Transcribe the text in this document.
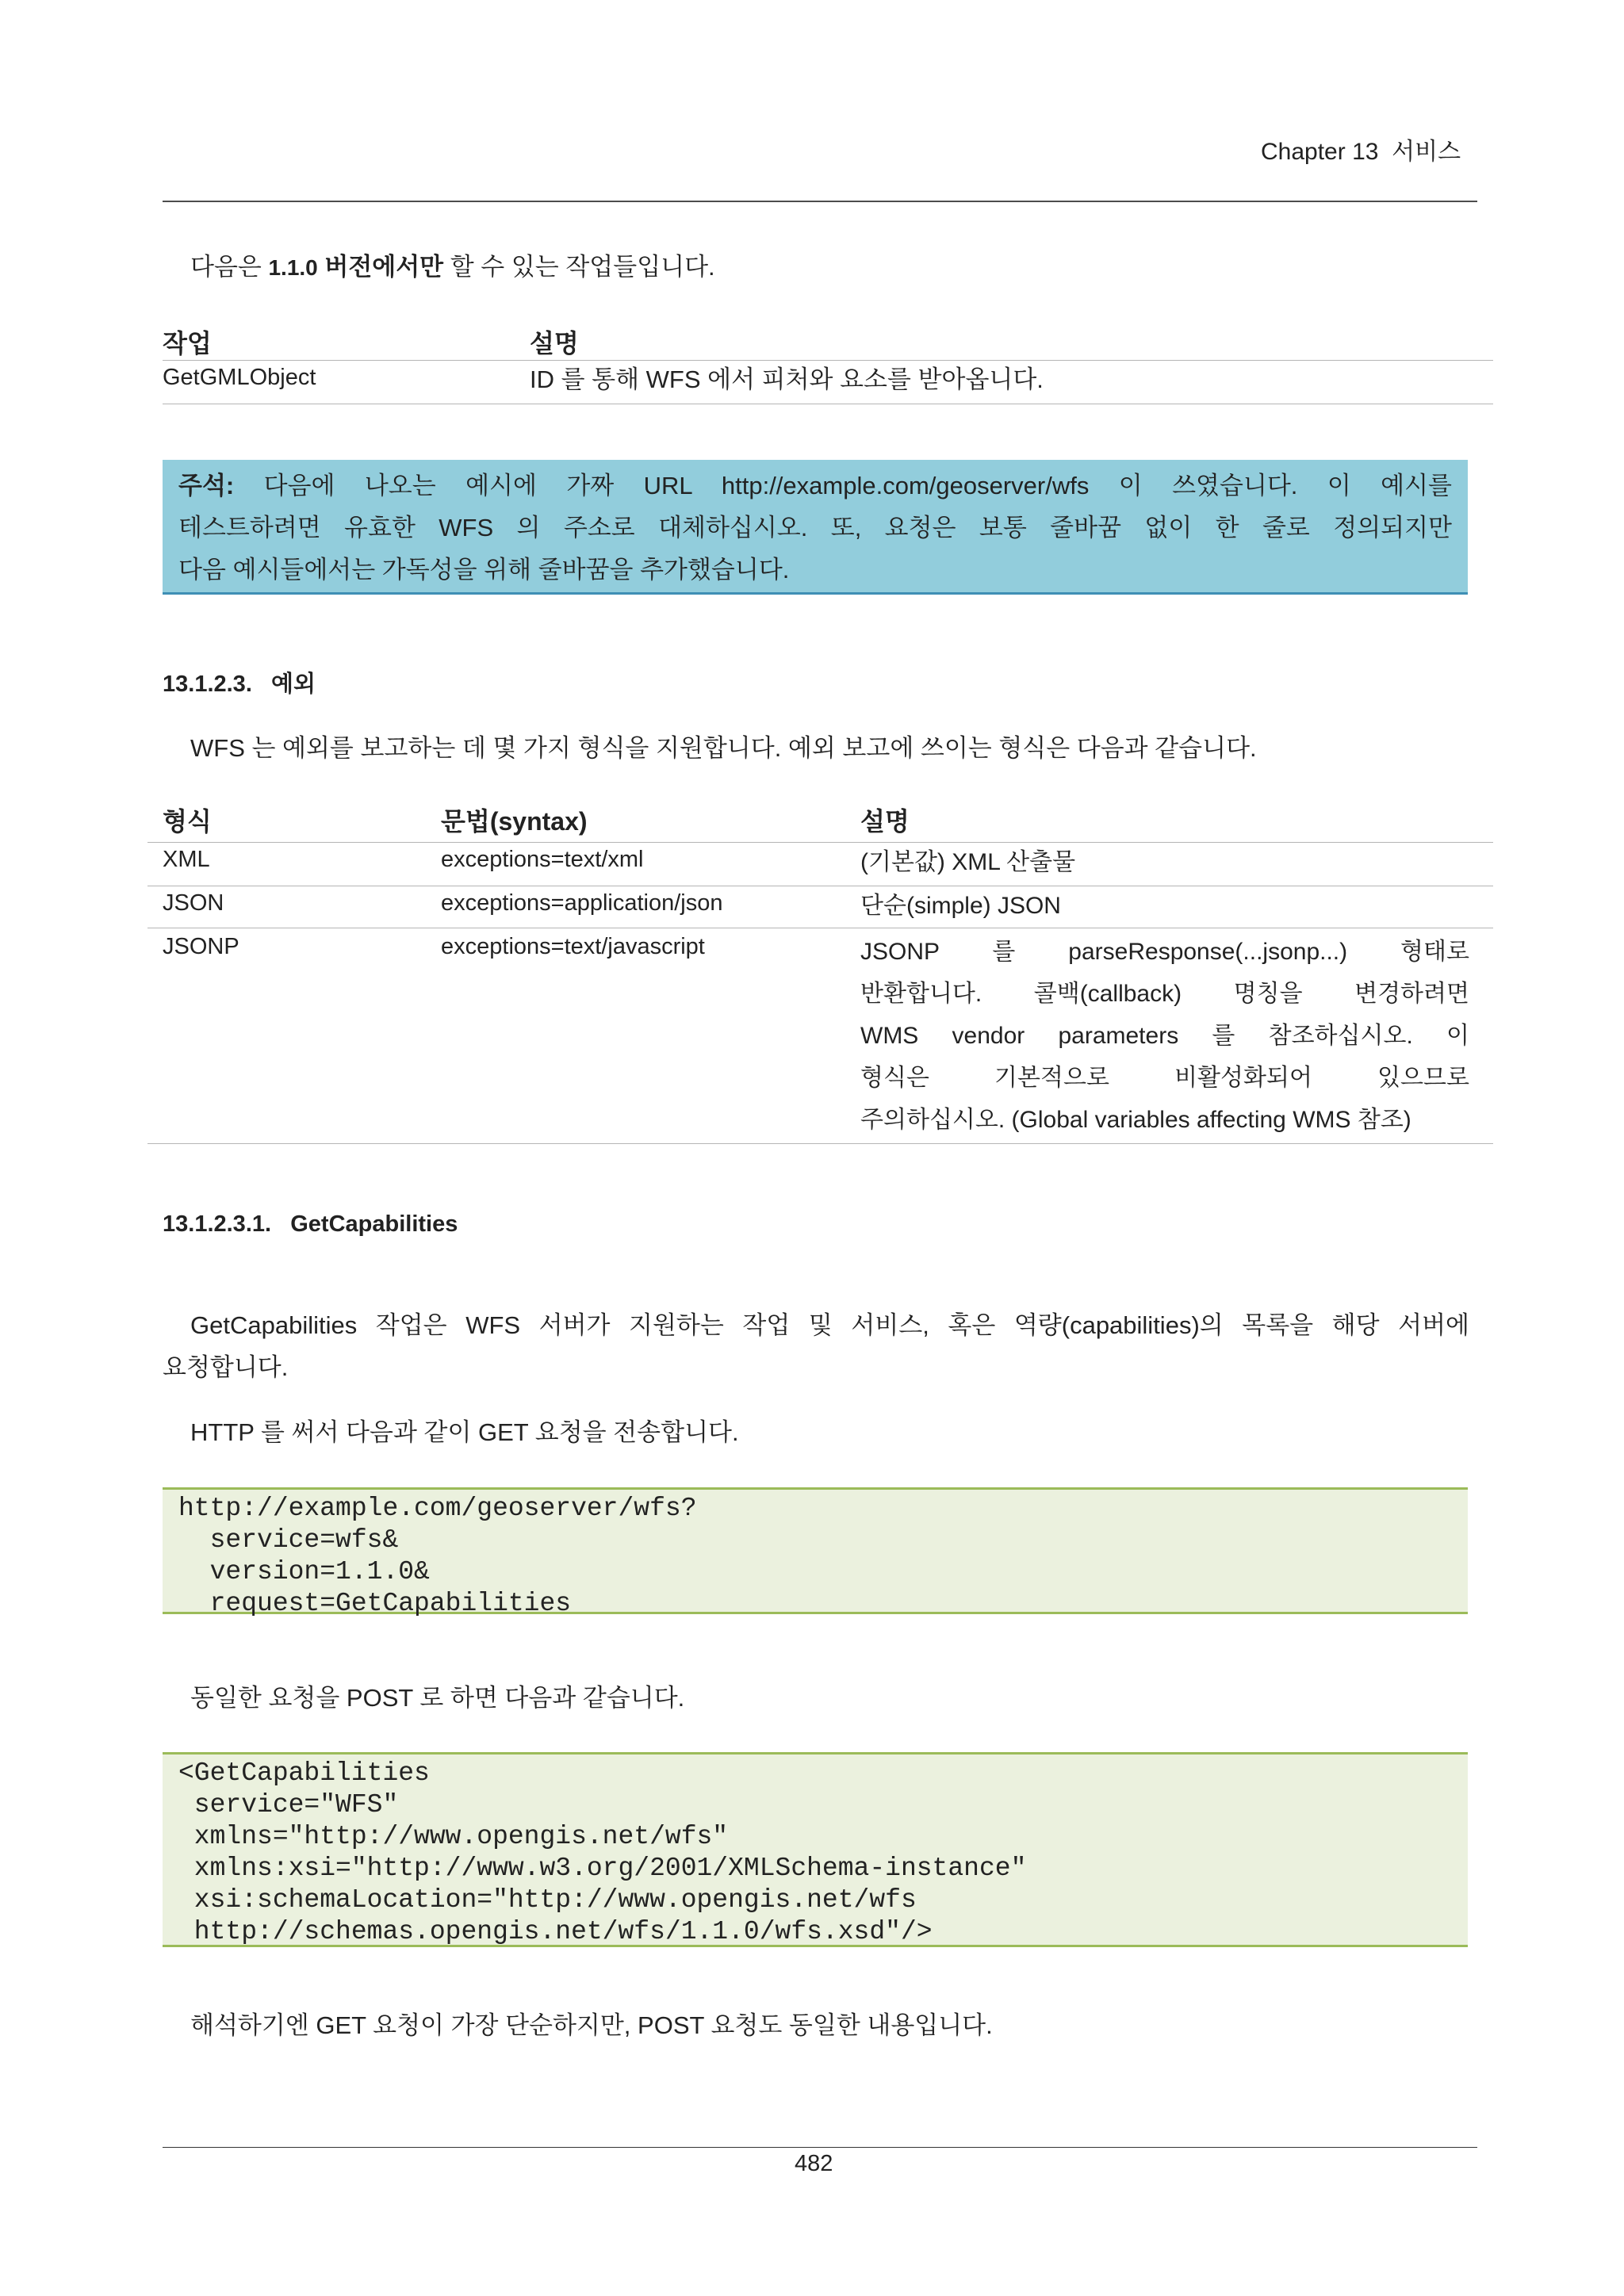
Chapter 13 서비스
다음은 1.1.0 버전에서만 할 수 있는 작업들입니다.
작업	설명
GetGMLObject	ID 를 통해 WFS 에서 피처와 요소를 받아옵니다.
주석: 다음에 나오는 예시에 가짜 URL http://example.com/geoserver/wfs 이 쓰였습니다. 이 예시를
테스트하려면 유효한 WFS 의 주소로 대체하십시오. 또, 요청은 보통 줄바꿈 없이 한 줄로 정의되지만
다음 예시들에서는 가독성을 위해 줄바꿈을 추가했습니다.
13.1.2.3. 예외
WFS 는 예외를 보고하는 데 몇 가지 형식을 지원합니다. 예외 보고에 쓰이는 형식은 다음과 같습니다.
형식	문법(syntax)	설명
XML	exceptions=text/xml	(기본값) XML 산출물
JSON	exceptions=application/json	단순(simple) JSON
JSONP	exceptions=text/javascript	JSONP 를 parseResponse(...jsonp...) 형태로
반환합니다. 콜백(callback) 명칭을 변경하려면
WMS vendor parameters 를 참조하십시오. 이
형식은 기본적으로 비활성화되어 있으므로
주의하십시오. (Global variables affecting WMS 참조)
13.1.2.3.1. GetCapabilities
GetCapabilities 작업은 WFS 서버가 지원하는 작업 및 서비스, 혹은 역량(capabilities)의 목록을 해당 서버에
요청합니다.
HTTP 를 써서 다음과 같이 GET 요청을 전송합니다.
http://example.com/geoserver/wfs?
service=wfs&
version=1.1.0&
request=GetCapabilities
동일한 요청을 POST 로 하면 다음과 같습니다.
<GetCapabilities
service="WFS"
xmlns="http://www.opengis.net/wfs"
xmlns:xsi="http://www.w3.org/2001/XMLSchema-instance"
xsi:schemaLocation="http://www.opengis.net/wfs
http://schemas.opengis.net/wfs/1.1.0/wfs.xsd"/>
해석하기엔 GET 요청이 가장 단순하지만, POST 요청도 동일한 내용입니다.
482
